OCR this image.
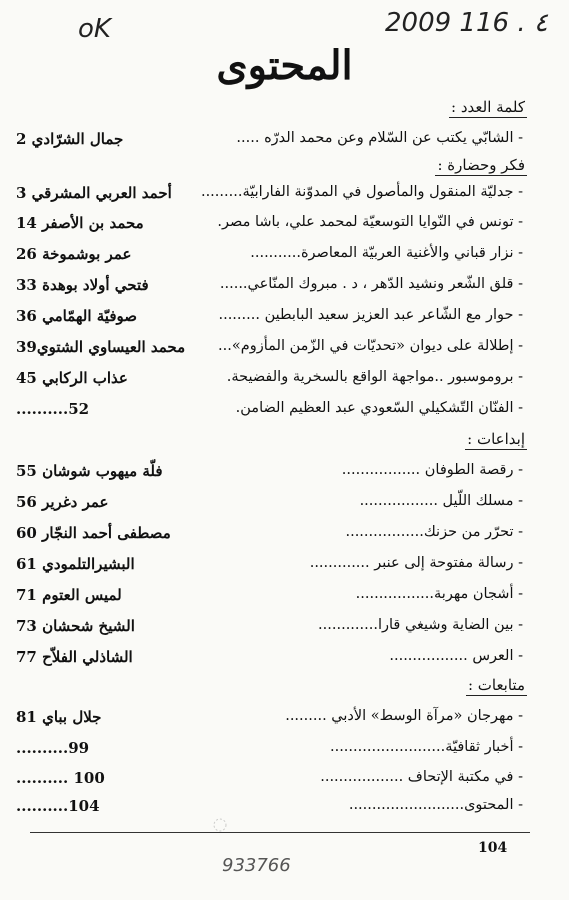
oK	2009 116 . ٤
المحتوى
كلمة العدد :
- الشابّي يكتب عن السّلام وعن محمد الدرّه .....
جمال الشرّادي 2
فكر وحضارة :
- جدليّة المنقول والمأصول في المدوّنة الفارابيّة.........
أحمد العربي المشرقي 3
- تونس في النّوايا التوسعيّة لمحمد علي، باشا مصر.
محمد بن الأصفر 14
- نزار قباني والأغنية العربيّة المعاصرة...........
عمر بوشموخة 26
- قلق الشّعر ونشيد الدّهر ، د . مبروك المنّاعي......
فتحي أولاد بوهدة 33
- حوار مع الشّاعر عبد العزيز سعيد البابطين .........
صوفيّة الهمّامي 36
- إطلالة على ديوان «تحديّات في الزّمن المأزوم»...
محمد العيساوي الشتوي39
- بروموسبور ..مواجهة الواقع بالسخرية والفضيحة.
عذاب الركابي 45
- الفنّان التّشكيلي السّعودي عبد العظيم الضامن.
52..........
إبداعات :
- رقصة الطوفان .................
فلّة ميهوب شوشان 55
- مسلك اللّيل .................
عمر دغرير 56
- تحرّر من حزنك.................
مصطفى أحمد النجّار 60
- رسالة مفتوحة إلى عنبر .............
البشيرالتلمودي 61
- أشجان مهربة.................
لميس العتوم 71
- بين الضاية وشيغي قارا.............
الشيخ شحشان 73
- العرس .................
الشاذلي الفلاّح 77
متابعات :
- مهرجان «مرآة الوسط» الأدبي .........
جلال بباي 81
- أخبار ثقافيّة.........................
99..........
- في مكتبة الإتحاف ..................
100 ..........
- المحتوى.........................
104..........
104
933766
